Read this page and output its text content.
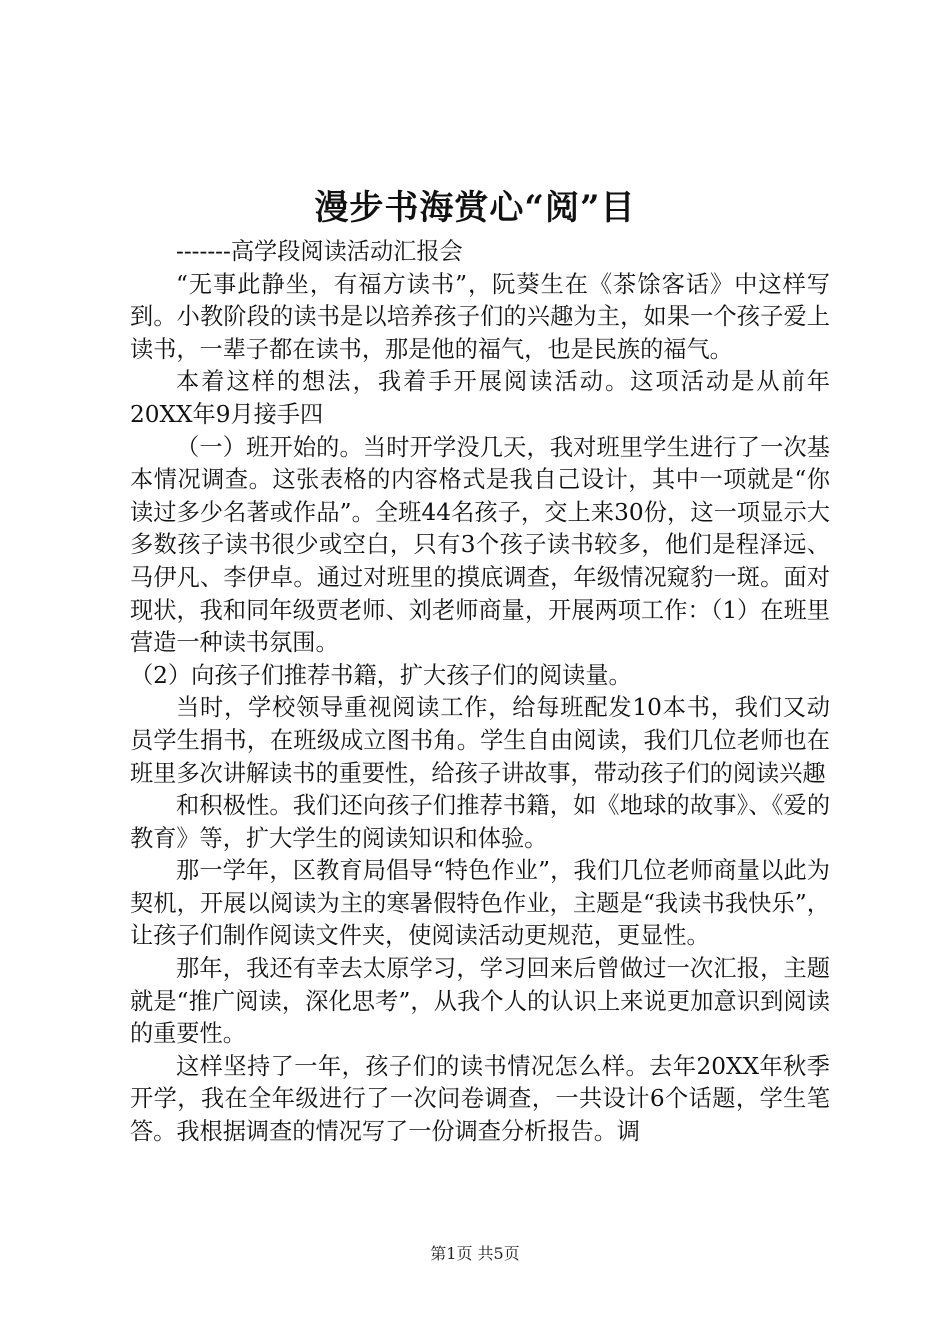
漫步书海赏心“阅”目

-------高学段阅读活动汇报会

“无事此静坐，有福方读书”，阮葵生在《茶馀客话》中这样写到。小教阶段的读书是以培养孩子们的兴趣为主，如果一个孩子爱上读书，一辈子都在读书，那是他的福气，也是民族的福气。

本着这样的想法，我着手开展阅读活动。这项活动是从前年20XX年9月接手四

（一）班开始的。当时开学没几天，我对班里学生进行了一次基本情况调查。这张表格的内容格式是我自己设计，其中一项就是“你读过多少名著或作品”。全班44名孩子，交上来30份，这一项显示大多数孩子读书很少或空白，只有3个孩子读书较多，他们是程泽远、马伊凡、李伊卓。通过对班里的摸底调查，年级情况窥豹一斑。面对现状，我和同年级贾老师、刘老师商量，开展两项工作：（1）在班里营造一种读书氛围。

（2）向孩子们推荐书籍，扩大孩子们的阅读量。

当时，学校领导重视阅读工作，给每班配发10本书，我们又动员学生捐书，在班级成立图书角。学生自由阅读，我们几位老师也在班里多次讲解读书的重要性，给孩子讲故事，带动孩子们的阅读兴趣

和积极性。我们还向孩子们推荐书籍，如《地球的故事》、《爱的教育》等，扩大学生的阅读知识和体验。

那一学年，区教育局倡导“特色作业”，我们几位老师商量以此为契机，开展以阅读为主的寒暑假特色作业，主题是“我读书我快乐”，让孩子们制作阅读文件夹，使阅读活动更规范，更显性。

那年，我还有幸去太原学习，学习回来后曾做过一次汇报，主题就是“推广阅读，深化思考”，从我个人的认识上来说更加意识到阅读的重要性。

这样坚持了一年，孩子们的读书情况怎么样。去年20XX年秋季开学，我在全年级进行了一次问卷调查，一共设计6个话题，学生笔答。我根据调查的情况写了一份调查分析报告。调

第1页 共5页
